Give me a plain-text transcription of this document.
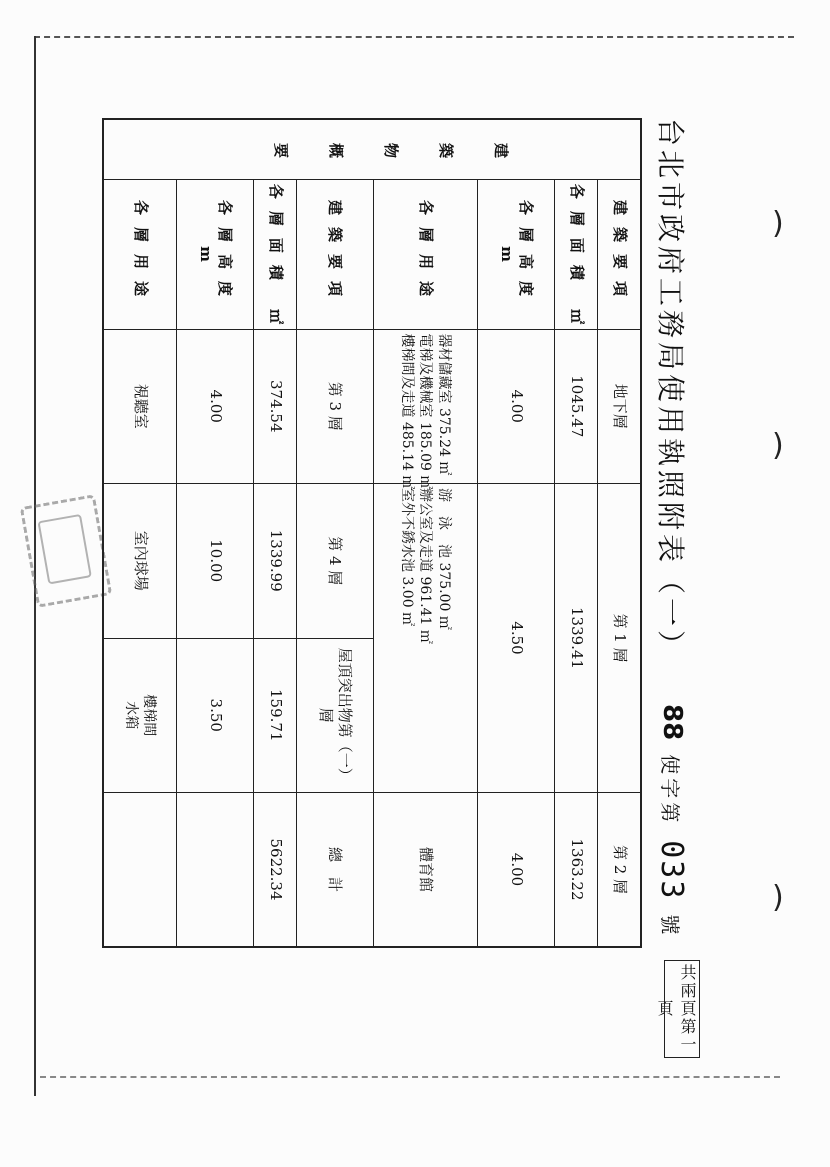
台北市政府工務局使用執照附表（一）
88
使字第
033
號
建築物概要	建築要項	地下層	第 1 層		第 2 層
	各層面積 ㎡	1045.47	1339.41		1363.22
	各層高度 m	4.00	4.50		4.00
	各層用途	器材儲藏室 375.24 ㎡
電梯及機械室 185.09 ㎡
樓梯間及走道 485.14 ㎡	游　泳　池 375.00 ㎡
辦公室及走道 961.41 ㎡
室外不銹水池 3.00 ㎡		體育館
	建築要項	第 3 層	第 4 層	屋頂突出物第（一）層	總　計
	各層面積 ㎡	374.54	1339.99	159.71	5622.34
	各層高度 m	4.00	10.00	3.50	
	各層用途	視聽室	室內球場	樓梯間
水箱	

共兩頁第一頁
)
)
)
